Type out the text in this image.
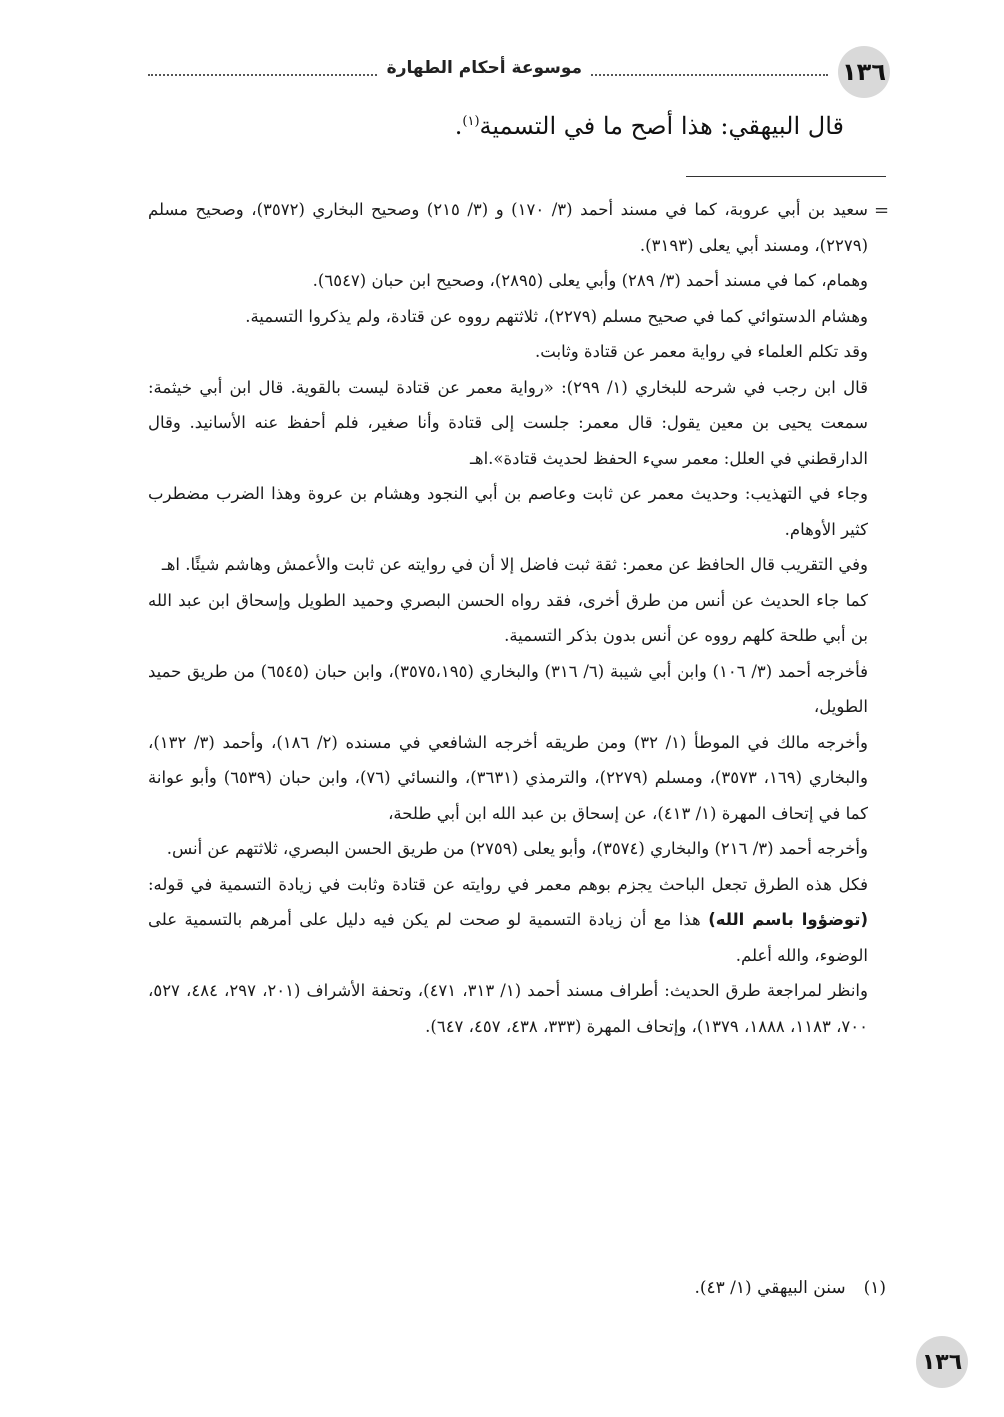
موسوعة أحكام الطهارة	١٣٦
قال البيهقي: هذا أصح ما في التسمية$^{(١)}$.
=

سعيد بن أبي عروبة، كما في مسند أحمد (٣/ ١٧٠) و (٣/ ٢١٥) وصحيح البخاري (٣٥٧٢)، وصحيح مسلم (٢٢٧٩)، ومسند أبي يعلى (٣١٩٣).

وهمام، كما في مسند أحمد (٣/ ٢٨٩) وأبي يعلى (٢٨٩٥)، وصحيح ابن حبان (٦٥٤٧).

وهشام الدستوائي كما في صحيح مسلم (٢٢٧٩)، ثلاثتهم رووه عن قتادة، ولم يذكروا التسمية.

وقد تكلم العلماء في رواية معمر عن قتادة وثابت.

قال ابن رجب في شرحه للبخاري (١/ ٢٩٩): «رواية معمر عن قتادة ليست بالقوية. قال ابن أبي خيثمة: سمعت يحيى بن معين يقول: قال معمر: جلست إلى قتادة وأنا صغير، فلم أحفظ عنه الأسانيد. وقال الدارقطني في العلل: معمر سيء الحفظ لحديث قتادة».اهـ

وجاء في التهذيب: وحديث معمر عن ثابت وعاصم بن أبي النجود وهشام بن عروة وهذا الضرب مضطرب كثير الأوهام.

وفي التقريب قال الحافظ عن معمر: ثقة ثبت فاضل إلا أن في روايته عن ثابت والأعمش وهاشم شيئًا. اهـ

كما جاء الحديث عن أنس من طرق أخرى، فقد رواه الحسن البصري وحميد الطويل وإسحاق ابن عبد الله بن أبي طلحة كلهم رووه عن أنس بدون بذكر التسمية.

فأخرجه أحمد (٣/ ١٠٦) وابن أبي شيبة (٦/ ٣١٦) والبخاري (٣٥٧٥،١٩٥)، وابن حبان (٦٥٤٥) من طريق حميد الطويل،

وأخرجه مالك في الموطأ (١/ ٣٢) ومن طريقه أخرجه الشافعي في مسنده (٢/ ١٨٦)، وأحمد (٣/ ١٣٢)، والبخاري (١٦٩، ٣٥٧٣)، ومسلم (٢٢٧٩)، والترمذي (٣٦٣١)، والنسائي (٧٦)، وابن حبان (٦٥٣٩) وأبو عوانة كما في إتحاف المهرة (١/ ٤١٣)، عن إسحاق بن عبد الله ابن أبي طلحة،

وأخرجه أحمد (٣/ ٢١٦) والبخاري (٣٥٧٤)، وأبو يعلى (٢٧٥٩) من طريق الحسن البصري، ثلاثتهم عن أنس.

فكل هذه الطرق تجعل الباحث يجزم بوهم معمر في روايته عن قتادة وثابت في زيادة التسمية في قوله: (توضؤوا باسم الله) هذا مع أن زيادة التسمية لو صحت لم يكن فيه دليل على أمرهم بالتسمية على الوضوء، والله أعلم.

وانظر لمراجعة طرق الحديث: أطراف مسند أحمد (١/ ٣١٣، ٤٧١)، وتحفة الأشراف (٢٠١، ٢٩٧، ٤٨٤، ٥٢٧، ٧٠٠، ١١٨٣، ١٨٨٨، ١٣٧٩)، وإتحاف المهرة (٣٣٣، ٤٣٨، ٤٥٧، ٦٤٧).

(١)سنن البيهقي (١/ ٤٣).
١٣٦
